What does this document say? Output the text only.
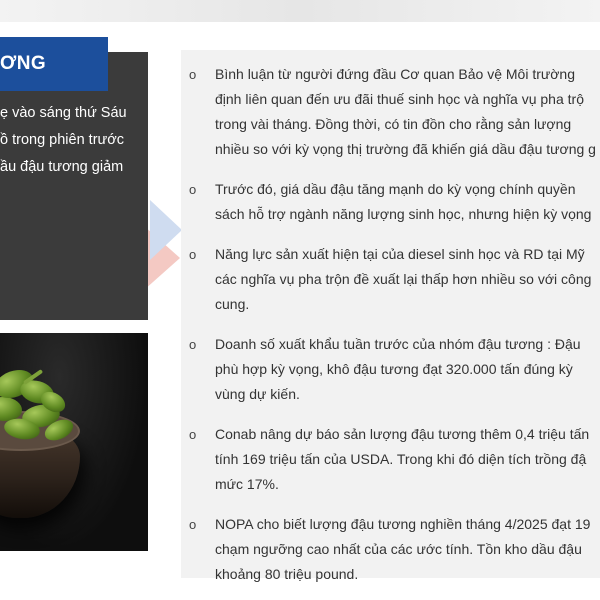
ẹ vào sáng thứ Sáu
ồ trong phiên trước
ầu đậu tương giảm
ƠNG
o Bình luận từ người đứng đầu Cơ quan Bảo vệ Môi trường
định liên quan đến ưu đãi thuế sinh học và nghĩa vụ pha trộ
trong vài tháng. Đồng thời, có tin đồn cho rằng sản lượng
nhiều so với kỳ vọng thị trường đã khiến giá dầu đậu tương g
o Trước đó, giá dầu đậu tăng mạnh do kỳ vọng chính quyền
sách hỗ trợ ngành năng lượng sinh học, nhưng hiện kỳ vọng
o Năng lực sản xuất hiện tại của diesel sinh học và RD tại Mỹ
các nghĩa vụ pha trộn đề xuất lại thấp hơn nhiều so với công
cung.
o Doanh số xuất khẩu tuần trước của nhóm đậu tương : Đậu
phù hợp kỳ vọng, khô đậu tương đạt 320.000 tấn đúng kỳ
vùng dự kiến.
o Conab nâng dự báo sản lượng đậu tương thêm 0,4 triệu tấn
tính 169 triệu tấn của USDA. Trong khi đó diện tích trồng đậ
mức 17%.
o NOPA cho biết lượng đậu tương nghiền tháng 4/2025 đạt 19
chạm ngưỡng cao nhất của các ước tính. Tồn kho dầu đậu
khoảng 80 triệu pound.
